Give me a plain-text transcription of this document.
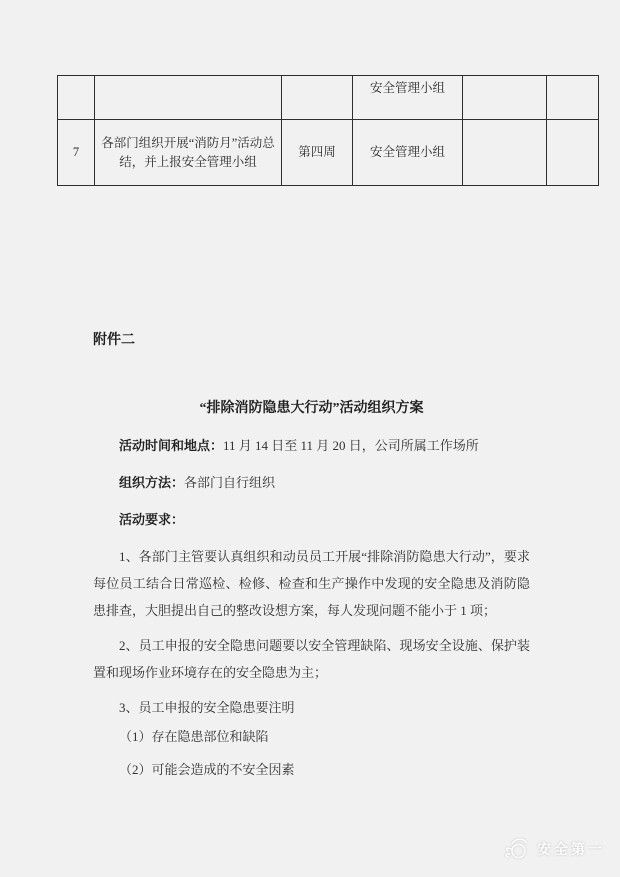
			安全管理小组		
7	各部门组织开展“消防月”活动总结，并上报安全管理小组	第四周	安全管理小组		

附件二

“排除消防隐患大行动”活动组织方案

活动时间和地点：11 月 14 日至 11 月 20 日，公司所属工作场所

组织方法：各部门自行组织

活动要求：

1、各部门主管要认真组织和动员员工开展“排除消防隐患大行动”，要求每位员工结合日常巡检、检修、检查和生产操作中发现的安全隐患及消防隐患排查，大胆提出自己的整改设想方案，每人发现问题不能小于 1 项；

2、员工申报的安全隐患问题要以安全管理缺陷、现场安全设施、保护装置和现场作业环境存在的安全隐患为主；

3、员工申报的安全隐患要注明

（1）存在隐患部位和缺陷

（2）可能会造成的不安全因素

安全第一
